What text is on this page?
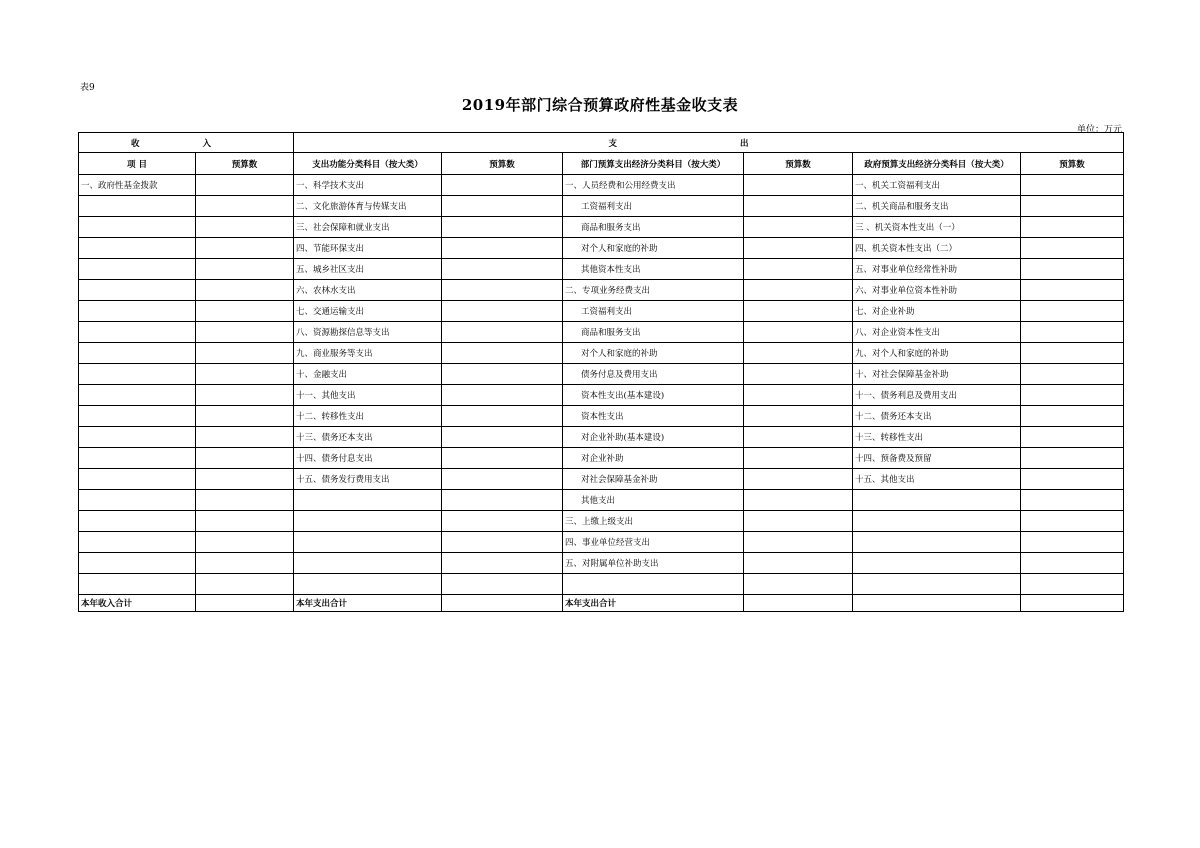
表9
2019年部门综合预算政府性基金收支表
单位：万元
收 入		支 出					
项 目	预算数	支出功能分类科目（按大类）	预算数	部门预算支出经济分类科目（按大类）	预算数	政府预算支出经济分类科目（按大类）	预算数
一、政府性基金拨款		一、科学技术支出		一、人员经费和公用经费支出		一、机关工资福利支出	
		二、文化旅游体育与传媒支出		工资福利支出		二、机关商品和服务支出	
		三、社会保障和就业支出		商品和服务支出		三 、机关资本性支出（一）	
		四、节能环保支出		对个人和家庭的补助		四、机关资本性支出（二）	
		五、城乡社区支出		其他资本性支出		五、对事业单位经常性补助	
		六、农林水支出		二、专项业务经费支出		六、对事业单位资本性补助	
		七、交通运输支出		工资福利支出		七、对企业补助	
		八、资源勘探信息等支出		商品和服务支出		八、对企业资本性支出	
		九、商业服务等支出		对个人和家庭的补助		九、对个人和家庭的补助	
		十、金融支出		债务付息及费用支出		十、对社会保障基金补助	
		十一、其他支出		资本性支出(基本建设)		十一、债务利息及费用支出	
		十二、转移性支出		资本性支出		十二、债务还本支出	
		十三、债务还本支出		对企业补助(基本建设)		十三、转移性支出	
		十四、债务付息支出		对企业补助		十四、预备费及预留	
		十五、债务发行费用支出		对社会保障基金补助		十五、其他支出	
				其他支出			
				三、上缴上级支出			
				四、事业单位经营支出			
				五、对附属单位补助支出			

本年收入合计		本年支出合计		本年支出合计			
